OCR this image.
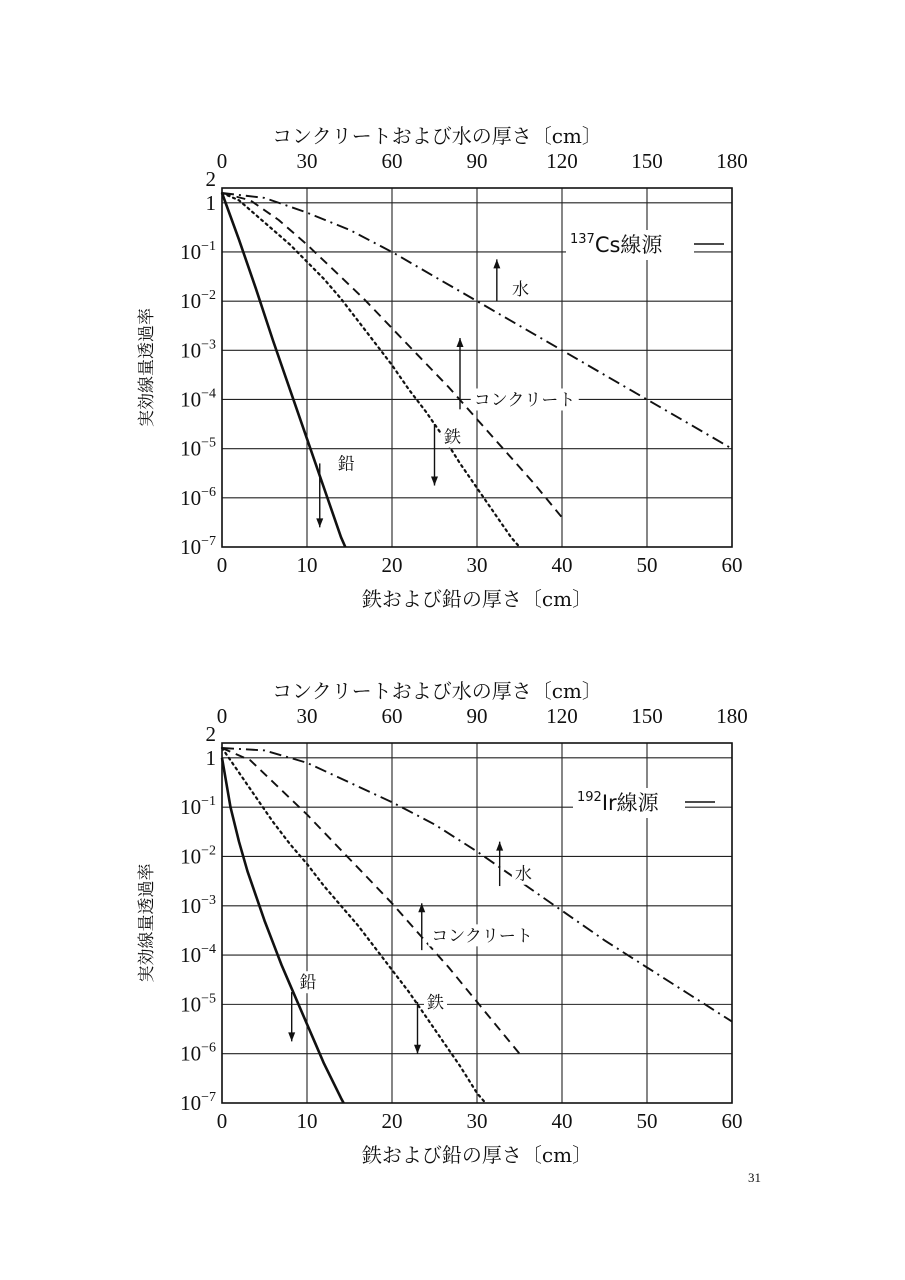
0	10	20	30	40	50	60
鉄および鉛の厚さ〔cm〕
0	30	60	90	120	150	180
コンクリートおよび水の厚さ〔cm〕
2
1
$10^{-1}$
$10^{-2}$
$10^{-3}$
$10^{-4}$
$10^{-5}$
$10^{-6}$
$10^{-7}$
実効線量透過率
水
コンクリート
鉄
鉛
$^{137}$Cs線源
0	10	20	30	40	50	60
鉄および鉛の厚さ〔cm〕
0	30	60	90	120	150	180
コンクリートおよび水の厚さ〔cm〕
2
1
$10^{-1}$
$10^{-2}$
$10^{-3}$
$10^{-4}$
$10^{-5}$
$10^{-6}$
$10^{-7}$
実効線量透過率	水
コンクリート
鉄
鉛
$^{192}$Ir線源
31
